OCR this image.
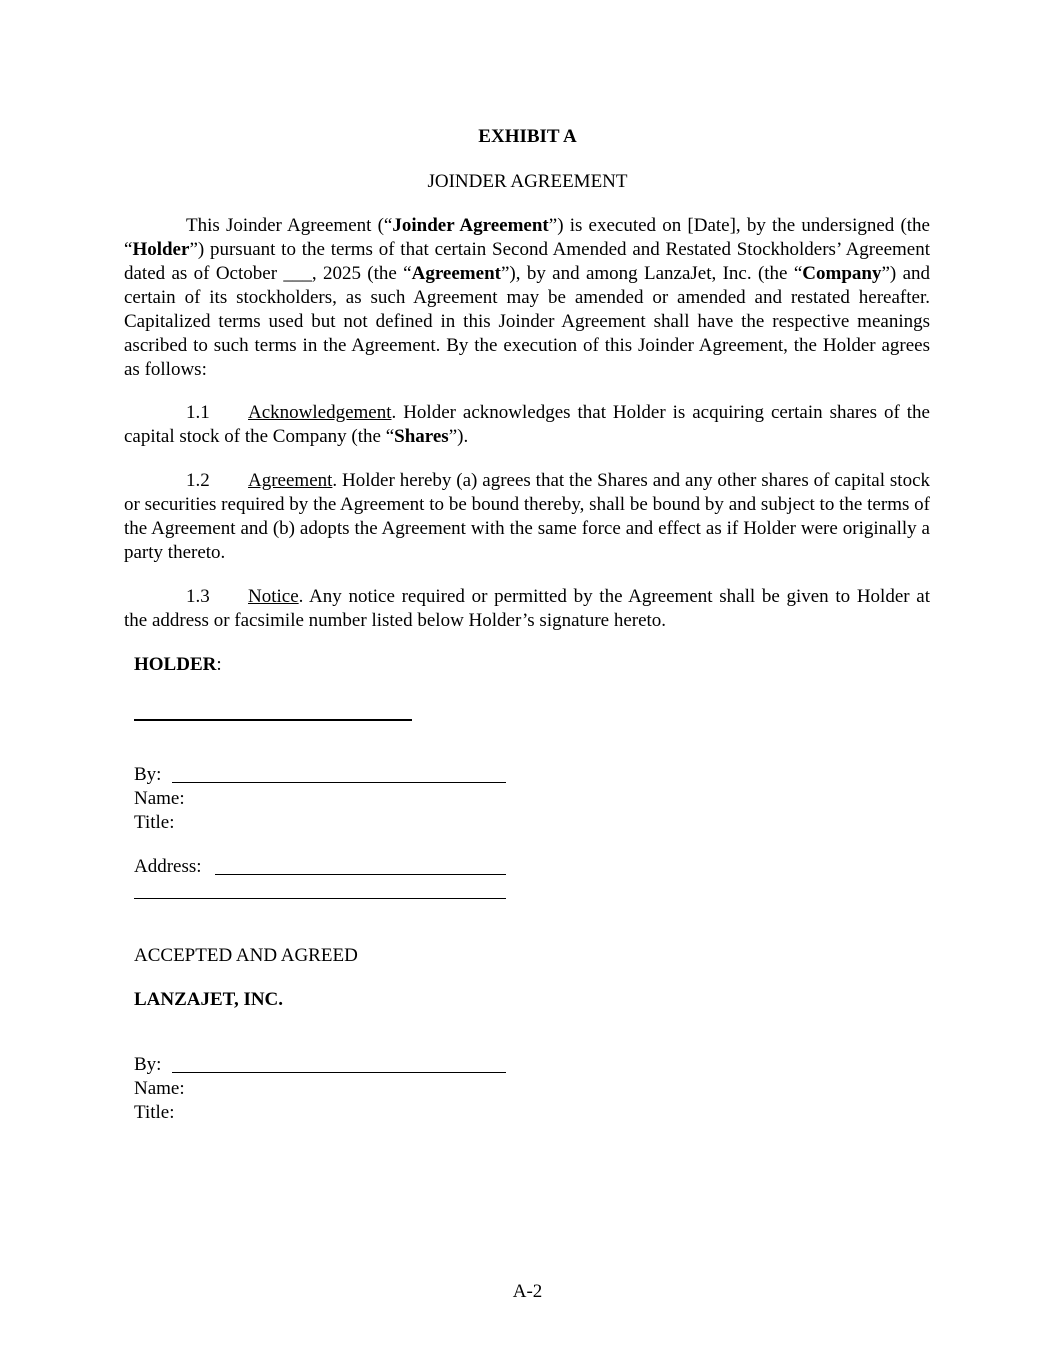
EXHIBIT A
JOINDER AGREEMENT
This Joinder Agreement (“Joinder Agreement”) is executed on [Date], by the undersigned (the “Holder”) pursuant to the terms of that certain Second Amended and Restated Stockholders’ Agreement dated as of October ___, 2025 (the “Agreement”), by and among LanzaJet, Inc. (the “Company”) and certain of its stockholders, as such Agreement may be amended or amended and restated hereafter. Capitalized terms used but not defined in this Joinder Agreement shall have the respective meanings ascribed to such terms in the Agreement. By the execution of this Joinder Agreement, the Holder agrees as follows:
1.1 Acknowledgement. Holder acknowledges that Holder is acquiring certain shares of the capital stock of the Company (the “Shares”).
1.2 Agreement. Holder hereby (a) agrees that the Shares and any other shares of capital stock or securities required by the Agreement to be bound thereby, shall be bound by and subject to the terms of the Agreement and (b) adopts the Agreement with the same force and effect as if Holder were originally a party thereto.
1.3 Notice. Any notice required or permitted by the Agreement shall be given to Holder at the address or facsimile number listed below Holder’s signature hereto.
HOLDER:
By:
Name:
Title:
Address:
ACCEPTED AND AGREED
LANZAJET, INC.
By:
Name:
Title:
A-2
